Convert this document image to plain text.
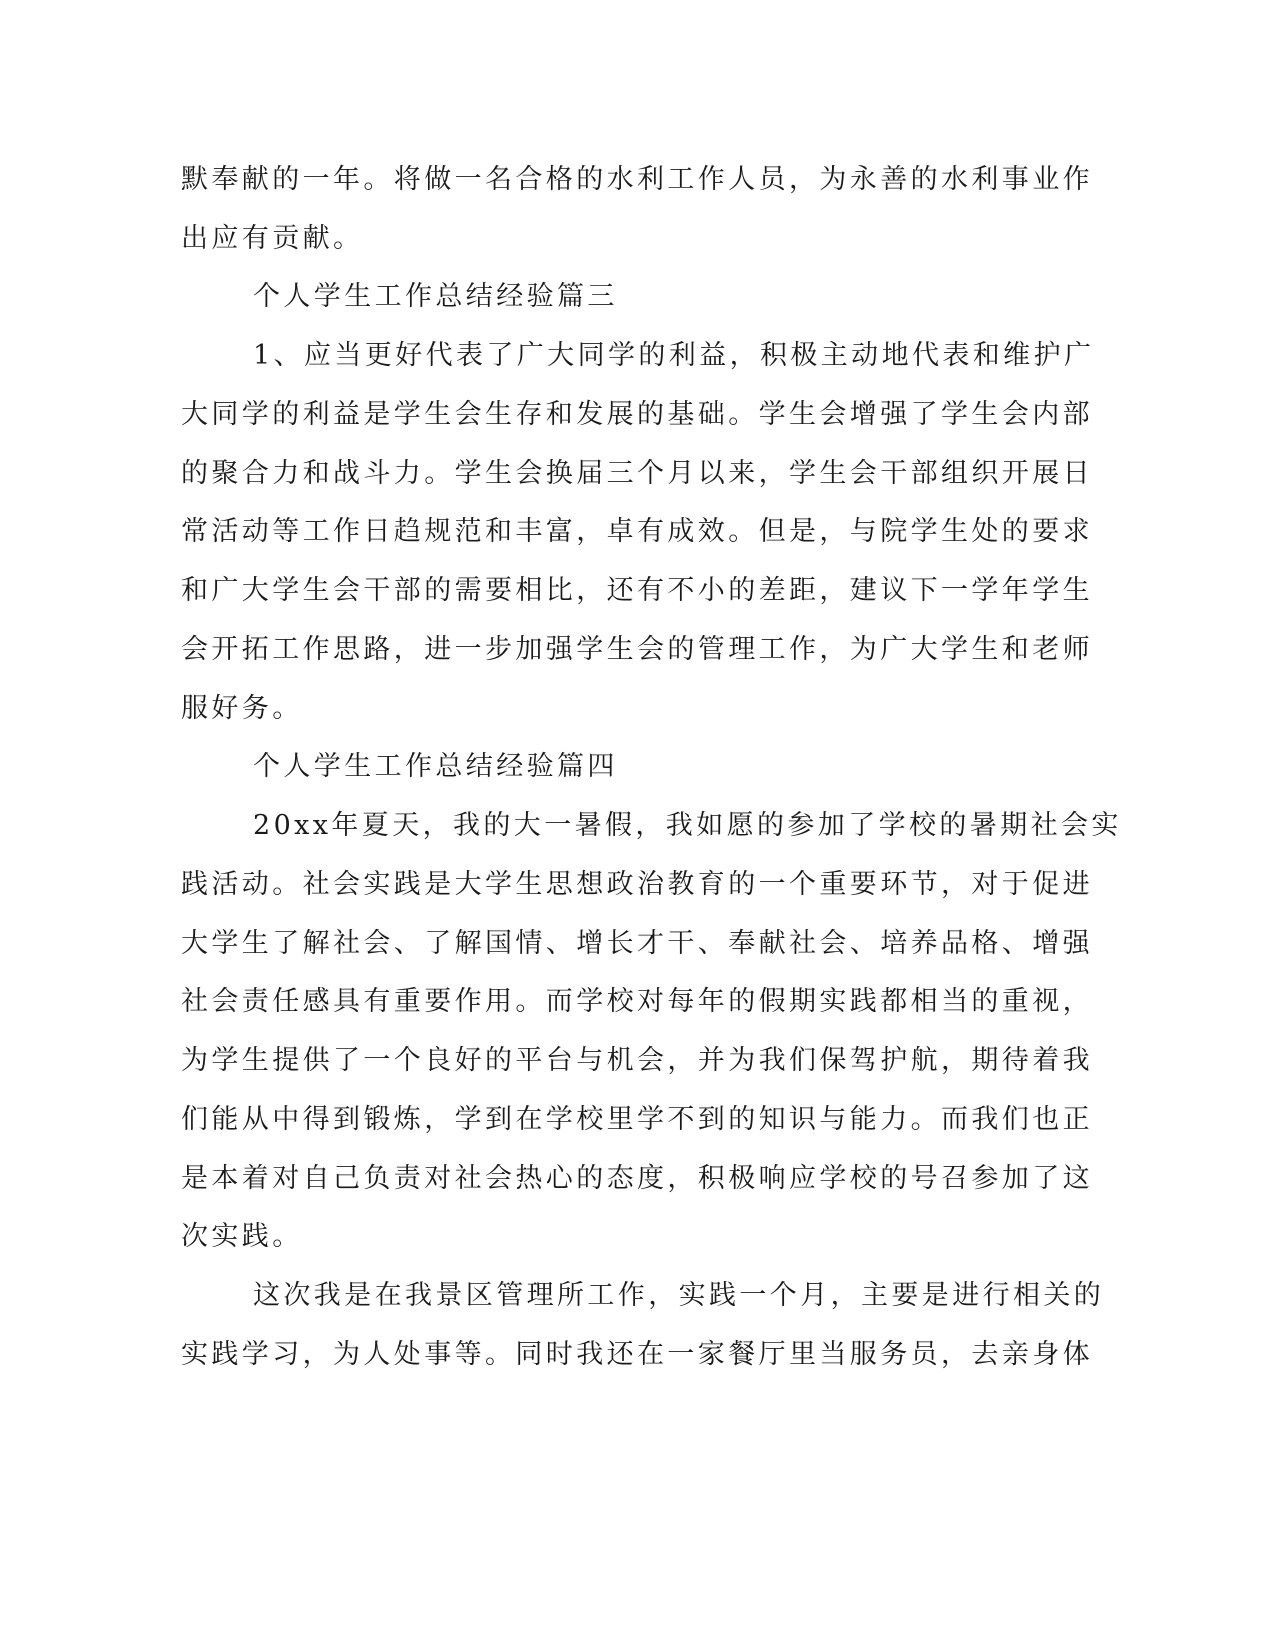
默奉献的一年。将做一名合格的水利工作人员，为永善的水利事业作
出应有贡献。
个人学生工作总结经验篇三
1、应当更好代表了广大同学的利益，积极主动地代表和维护广
大同学的利益是学生会生存和发展的基础。学生会增强了学生会内部
的聚合力和战斗力。学生会换届三个月以来，学生会干部组织开展日
常活动等工作日趋规范和丰富，卓有成效。但是，与院学生处的要求
和广大学生会干部的需要相比，还有不小的差距，建议下一学年学生
会开拓工作思路，进一步加强学生会的管理工作，为广大学生和老师
服好务。
个人学生工作总结经验篇四
20xx年夏天，我的大一暑假，我如愿的参加了学校的暑期社会实
践活动。社会实践是大学生思想政治教育的一个重要环节，对于促进
大学生了解社会、了解国情、增长才干、奉献社会、培养品格、增强
社会责任感具有重要作用。而学校对每年的假期实践都相当的重视，
为学生提供了一个良好的平台与机会，并为我们保驾护航，期待着我
们能从中得到锻炼，学到在学校里学不到的知识与能力。而我们也正
是本着对自己负责对社会热心的态度，积极响应学校的号召参加了这
次实践。
这次我是在我景区管理所工作，实践一个月，主要是进行相关的
实践学习，为人处事等。同时我还在一家餐厅里当服务员，去亲身体
